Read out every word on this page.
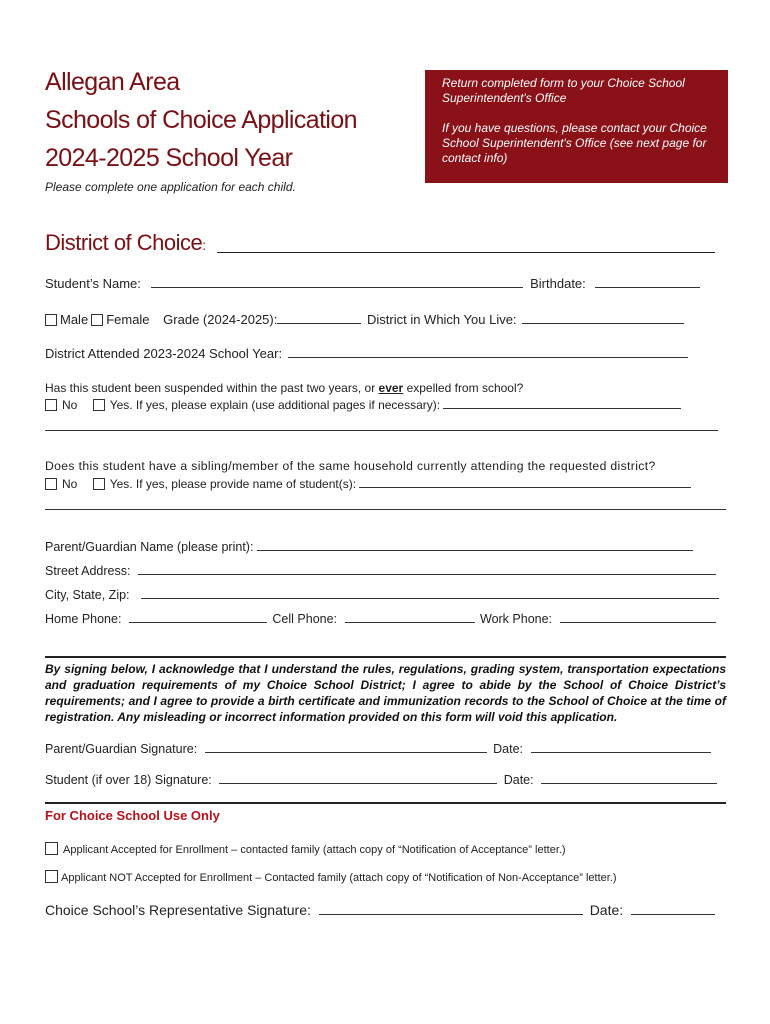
Allegan Area
Schools of Choice Application
2024-2025 School Year
Please complete one application for each child.

Return completed form to your Choice School Superintendent's Office

If you have questions, please contact your Choice School Superintendent's Office (see next page for contact info)

District of Choice:
Student’s Name:	Birthdate:
Male Female Grade (2024-2025):	District in Which You Live:
District Attended 2023-2024 School Year:
Has this student been suspended within the past two years, or ever expelled from school?
No	Yes. If yes, please explain (use additional pages if necessary):
Does this student have a sibling/member of the same household currently attending the requested district?
No	Yes. If yes, please provide name of student(s):
Parent/Guardian Name (please print):
Street Address:
City, State, Zip:
Home Phone:	Cell Phone:	Work Phone:
By signing below, I acknowledge that I understand the rules, regulations, grading system, transportation expectations and graduation requirements of my Choice School District; I agree to abide by the School of Choice District’s requirements; and I agree to provide a birth certificate and immunization records to the School of Choice at the time of registration. Any misleading or incorrect information provided on this form will void this application.
Parent/Guardian Signature:	Date:
Student (if over 18) Signature:	Date:
For Choice School Use Only
Applicant Accepted for Enrollment – contacted family (attach copy of “Notification of Acceptance” letter.)
Applicant NOT Accepted for Enrollment – Contacted family (attach copy of “Notification of Non-Acceptance” letter.)
Choice School’s Representative Signature:	Date:
